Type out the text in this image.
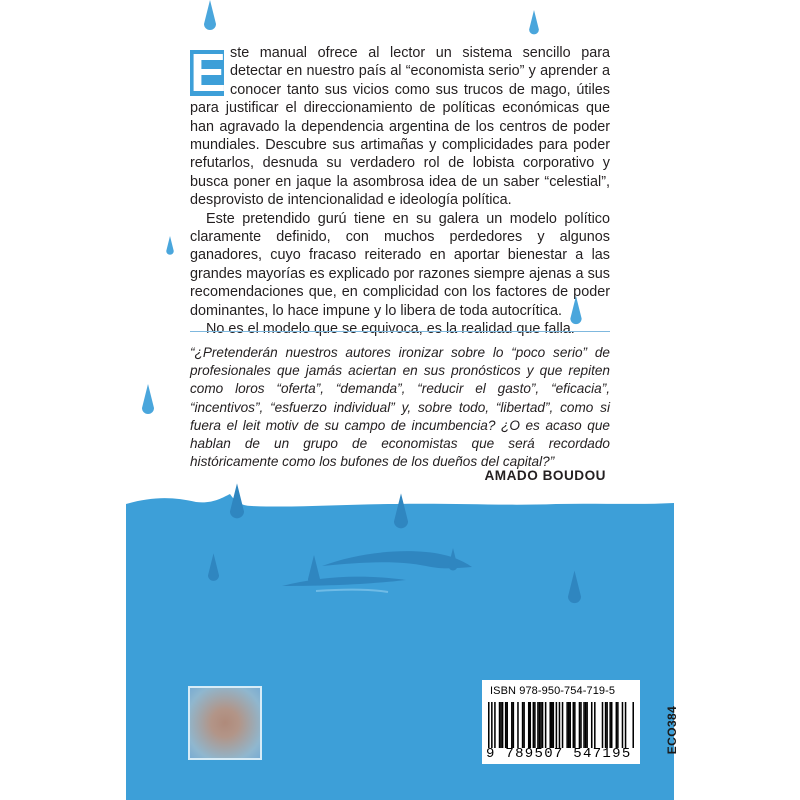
E ste manual ofrece al lector un sistema sencillo para detectar en nuestro país al “economista serio” y aprender a conocer tanto sus vicios como sus trucos de mago, útiles para justificar el direccionamiento de políticas económicas que han agravado la dependencia argentina de los centros de poder mundiales. Descubre sus artimañas y complicidades para poder refutarlos, desnuda su verdadero rol de lobista corporativo y busca poner en jaque la asombrosa idea de un saber “celestial”, desprovisto de intencionalidad e ideología política.

Este pretendido gurú tiene en su galera un modelo político claramente definido, con muchos perdedores y algunos ganadores, cuyo fracaso reiterado en aportar bienestar a las grandes mayorías es explicado por razones siempre ajenas a sus recomendaciones que, en complicidad con los factores de poder dominantes, lo hace impune y lo libera de toda autocrítica.

No es el modelo que se equivoca, es la realidad que falla.

“¿Pretenderán nuestros autores ironizar sobre lo “poco serio” de profesionales que jamás aciertan en sus pronósticos y que repiten como loros “oferta”, “demanda”, “reducir el gasto”, “eficacia”, “incentivos”, “esfuerzo individual” y, sobre todo, “libertad”, como si fuera el leit motiv de su campo de incumbencia? ¿O es acaso que hablan de un grupo de economistas que será recordado históricamente como los bufones de los dueños del capital?”

AMADO BOUDOU
ISBN 978-950-754-719-5
9 789507 547195	ECO384
